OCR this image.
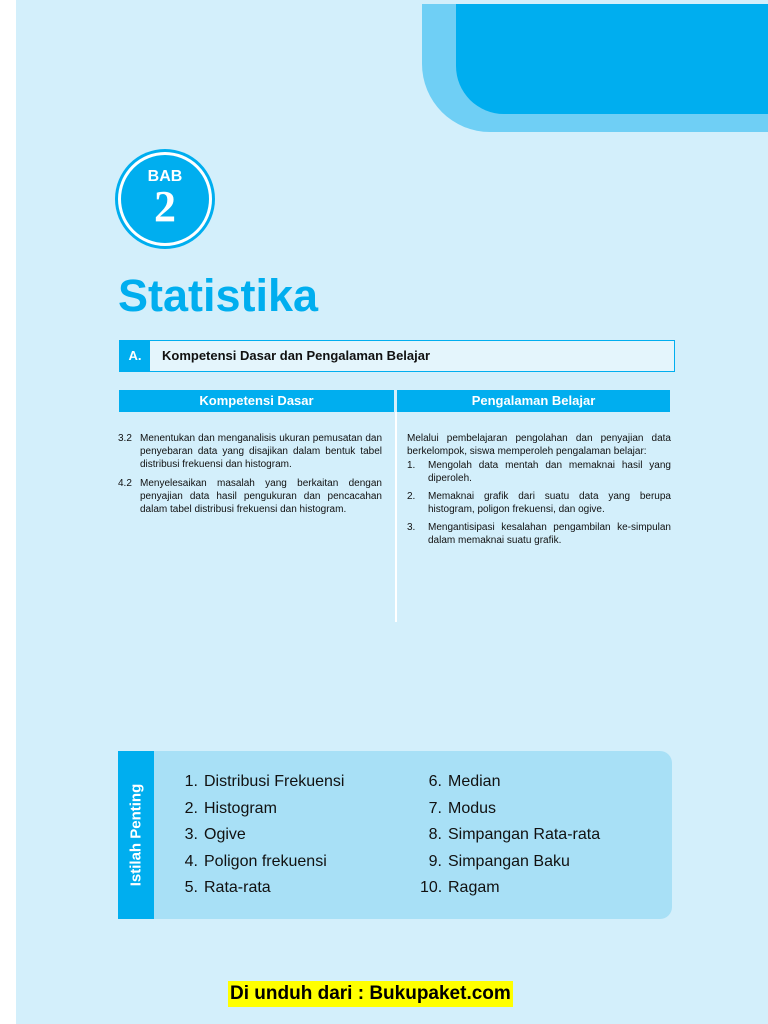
BAB
2
Statistika
A.	Kompetensi Dasar dan Pengalaman Belajar
Kompetensi Dasar	Pengalaman Belajar
3.2 Menentukan dan menganalisis ukuran pemusatan dan penyebaran data yang disajikan dalam bentuk tabel distribusi frekuensi dan histogram.
4.2 Menyelesaikan masalah yang berkaitan dengan penyajian data hasil pengukuran dan pencacahan dalam tabel distribusi frekuensi dan histogram.
Melalui pembelajaran pengolahan dan penyajian data berkelompok, siswa memperoleh pengalaman belajar:
1.	Mengolah data mentah dan memaknai hasil yang diperoleh.
2.	Memaknai grafik dari suatu data yang berupa histogram, poligon frekuensi, dan ogive.
3.	Mengantisipasi kesalahan pengambilan ke-simpulan dalam memaknai suatu grafik.
Istilah Penting
1. Distribusi Frekuensi
2. Histogram
3. Ogive
4. Poligon frekuensi
5. Rata-rata
6. Median
7. Modus
8. Simpangan Rata-rata
9. Simpangan Baku
10. Ragam
Di unduh dari : Bukupaket.com
